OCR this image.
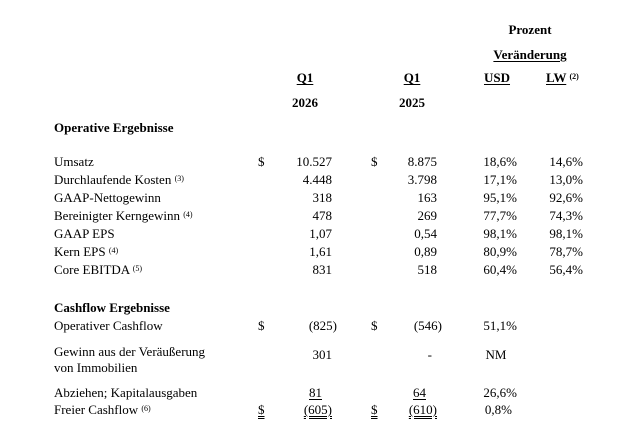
Prozent
Veränderung
Q1	Q1	USD	LW $^{(2)}$
2026	2025
Operative Ergebnisse
Umsatz	$ 10.527	$ 8.875	18,6% 14,6%
Durchlaufende Kosten $^{(3)}$	4.448	3.798	17,1% 13,0%
GAAP-Nettogewinn	318	163	95,1% 92,6%
Bereinigter Kerngewinn $^{(4)}$	478	269	77,7% 74,3%
GAAP EPS	1,07	0,54	98,1% 98,1%
Kern EPS $^{(4)}$	1,61	0,89	80,9% 78,7%
Core EBITDA $^{(5)}$	831	518	60,4% 56,4%
Cashflow Ergebnisse
Operativer Cashflow	$	(825)	$	(546)	51,1%
Gewinn aus der Veräußerung
von Immobilien
301	-	NM
Abziehen; Kapitalausgaben	81	64	26,6%
Freier Cashflow $^{(6)}$	$	(605)	$ (610)	0,8%
